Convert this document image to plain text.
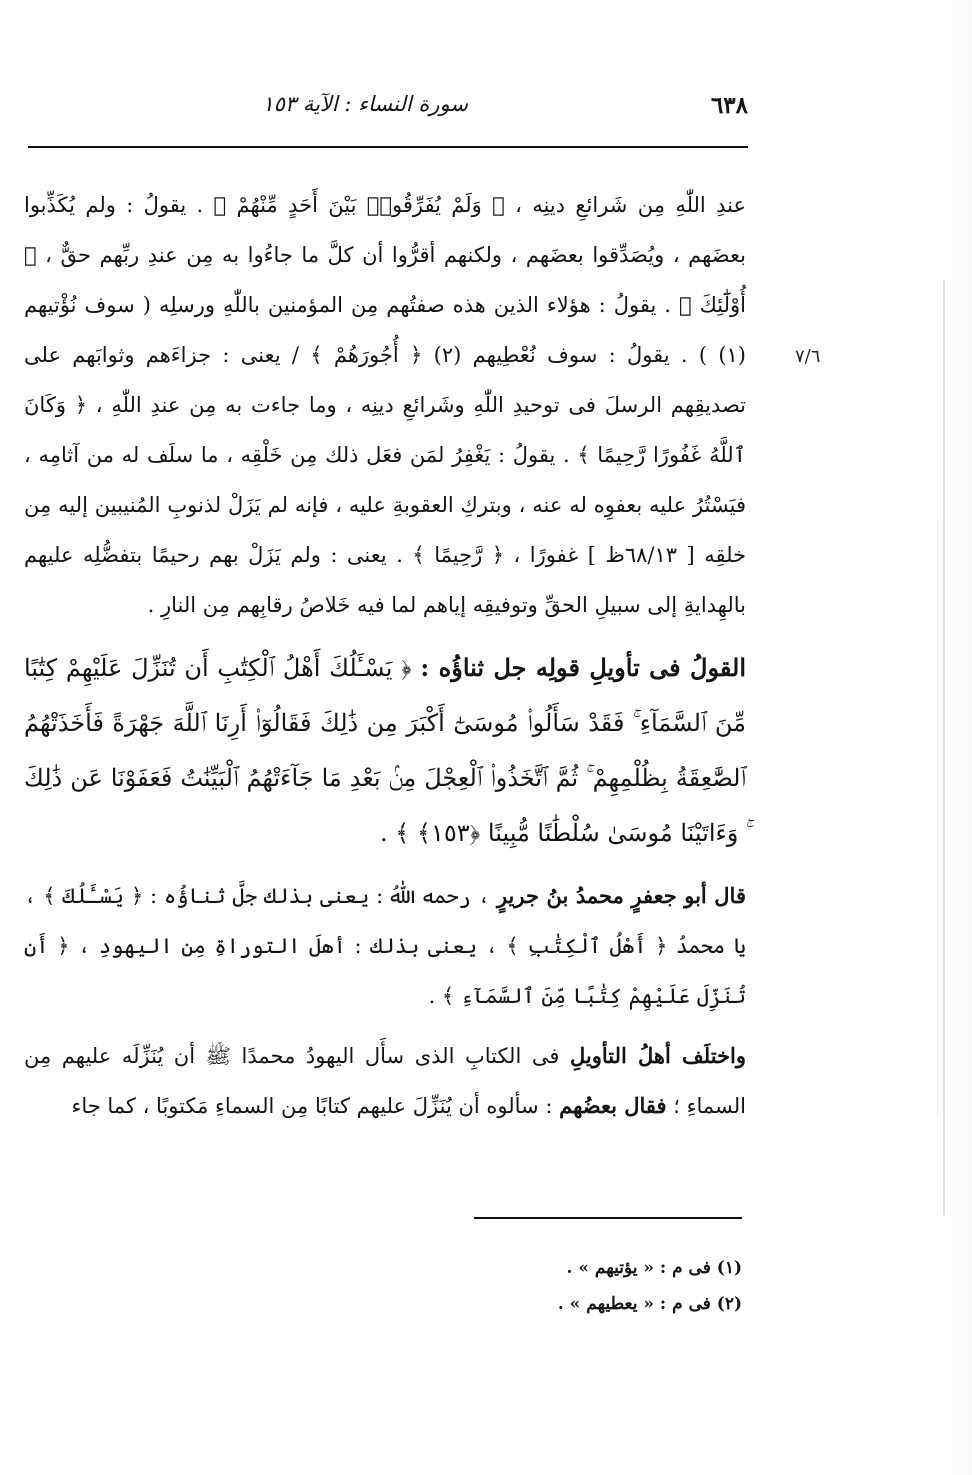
٦٣٨
سورة النساء : الآية ١٥٣
٧/٦
عندِ اللّٰهِ مِن شَرائعِ دينِه ، ﴿ وَلَمْ يُفَرِّقُوا۟ بَيْنَ أَحَدٍ مِّنْهُمْ ﴾ . يقولُ : ولم يُكَذِّبوا بعضَهم ، ويُصَدِّقوا بعضَهم ، ولكنهم أقرُّوا أن كلَّ ما جاءُوا به مِن عندِ ربِّهم حقٌّ ، ﴿ أُوْلَٰٓئِكَ ﴾ . يقولُ : هؤلاء الذين هذه صفتُهم مِن المؤمنين باللّٰهِ ورسلِه ( سوف نُؤْتيهم (١) ) . يقولُ : سوف نُعْطِيهم (٢) ﴿ أُجُورَهُمْ ﴾ / يعنى : جزاءَهم وثوابَهم على تصديقِهم الرسلَ فى توحيدِ اللّٰهِ وشَرائعِ دينِه ، وما جاءت به مِن عندِ اللّٰهِ ، ﴿ وَكَانَ ٱللَّهُ غَفُورًا رَّحِيمًا ﴾ . يقولُ : يَغْفِرُ لمَن فعَل ذلك مِن خَلْقِه ، ما سلَف له من آثامِه ، فيَسْتُرُ عليه بعفوِه له عنه ، وبتركِ العقوبةِ عليه ، فإنه لم يَزَلْ لذنوبِ المُنيبين إليه مِن خلقِه [ ٦٨/١٣ظ ] غفورًا ، ﴿ رَّحِيمًا ﴾ . يعنى : ولم يَزَلْ بهم رحيمًا بتفضُّلِه عليهم بالهِدايةِ إلى سبيلِ الحقِّ وتوفيقِه إياهم لما فيه خَلاصُ رقابِهم مِن النارِ .
القولُ فى تأويلِ قولِه جل ثناؤُه : ﴿ يَسْـَٔلُكَ أَهْلُ ٱلْكِتَٰبِ أَن تُنَزِّلَ عَلَيْهِمْ كِتَٰبًا مِّنَ ٱلسَّمَآءِ ۚ فَقَدْ سَأَلُوا۟ مُوسَىٰٓ أَكْبَرَ مِن ذَٰلِكَ فَقَالُوٓا۟ أَرِنَا ٱللَّهَ جَهْرَةً فَأَخَذَتْهُمُ ٱلصَّٰعِقَةُ بِظُلْمِهِمْ ۚ ثُمَّ ٱتَّخَذُوا۟ ٱلْعِجْلَ مِنۢ بَعْدِ مَا جَآءَتْهُمُ ٱلْبَيِّنَٰتُ فَعَفَوْنَا عَن ذَٰلِكَ ۚ وَءَاتَيْنَا مُوسَىٰ سُلْطَٰنًا مُّبِينًا ﴿١٥٣﴾ ﴾ .
قال أبو جعفرٍ محمدُ بنُ جريرٍ ، رحمه اللّٰهُ : يعنى بذلك جلَّ ثناؤُه : ﴿ يَسْـَٔلُكَ ﴾ ، يا محمدُ ﴿ أَهْلُ ٱلْكِتَٰبِ ﴾ ، يعنى بذلك : أهلَ التوراةِ مِن اليهودِ ، ﴿ أَن تُنَزِّلَ عَلَيْهِمْ كِتَٰبًا مِّنَ ٱلسَّمَآءِ ﴾ .
واختلَف أهلُ التأويلِ فى الكتابِ الذى سأَل اليهودُ محمدًا ﷺ أن يُنَزِّلَه عليهم مِن السماءِ ؛ فقال بعضُهم : سألوه أن يُنَزِّلَ عليهم كتابًا مِن السماءِ مَكتوبًا ، كما جاء
(١) فى م : « يؤتيهم » .
(٢) فى م : « يعطيهم » .
